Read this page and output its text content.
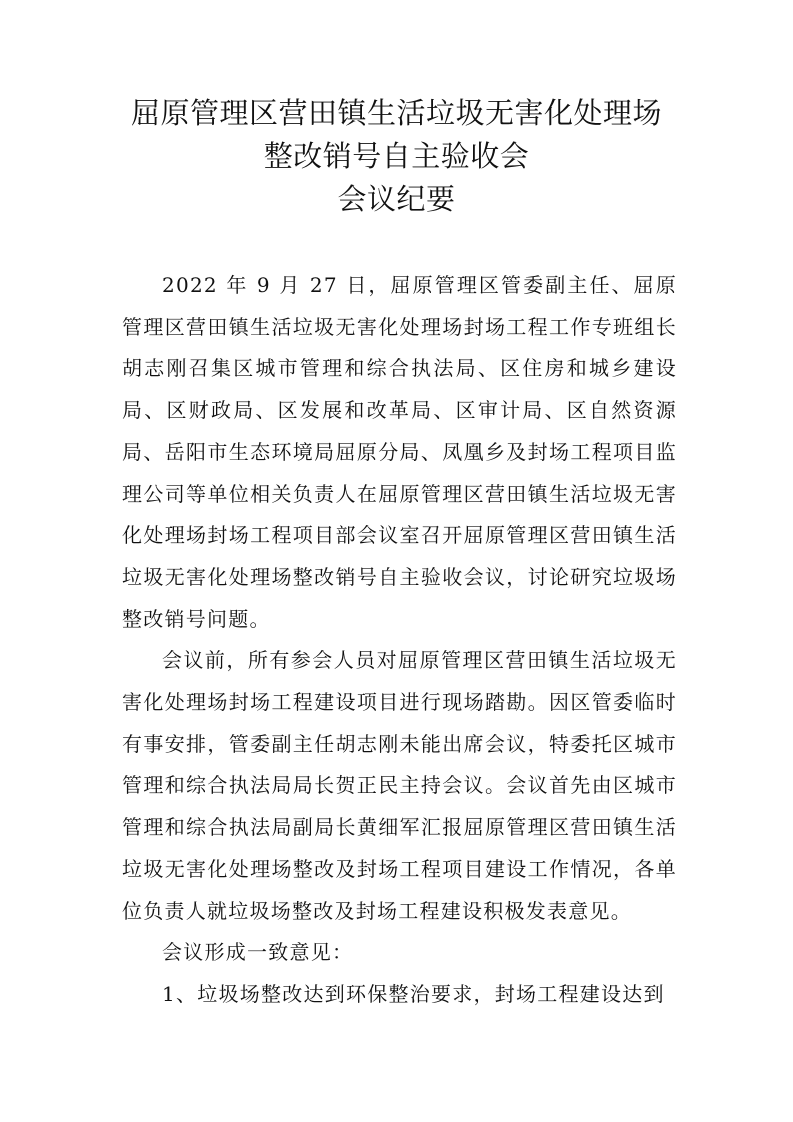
屈原管理区营田镇生活垃圾无害化处理场
整改销号自主验收会
会议纪要

2022 年 9 月 27 日，屈原管理区管委副主任、屈原管理区营田镇生活垃圾无害化处理场封场工程工作专班组长胡志刚召集区城市管理和综合执法局、区住房和城乡建设局、区财政局、区发展和改革局、区审计局、区自然资源局、岳阳市生态环境局屈原分局、凤凰乡及封场工程项目监理公司等单位相关负责人在屈原管理区营田镇生活垃圾无害化处理场封场工程项目部会议室召开屈原管理区营田镇生活垃圾无害化处理场整改销号自主验收会议，讨论研究垃圾场整改销号问题。

会议前，所有参会人员对屈原管理区营田镇生活垃圾无害化处理场封场工程建设项目进行现场踏勘。因区管委临时有事安排，管委副主任胡志刚未能出席会议，特委托区城市管理和综合执法局局长贺正民主持会议。会议首先由区城市管理和综合执法局副局长黄细军汇报屈原管理区营田镇生活垃圾无害化处理场整改及封场工程项目建设工作情况，各单位负责人就垃圾场整改及封场工程建设积极发表意见。

会议形成一致意见：

1、垃圾场整改达到环保整治要求，封场工程建设达到
